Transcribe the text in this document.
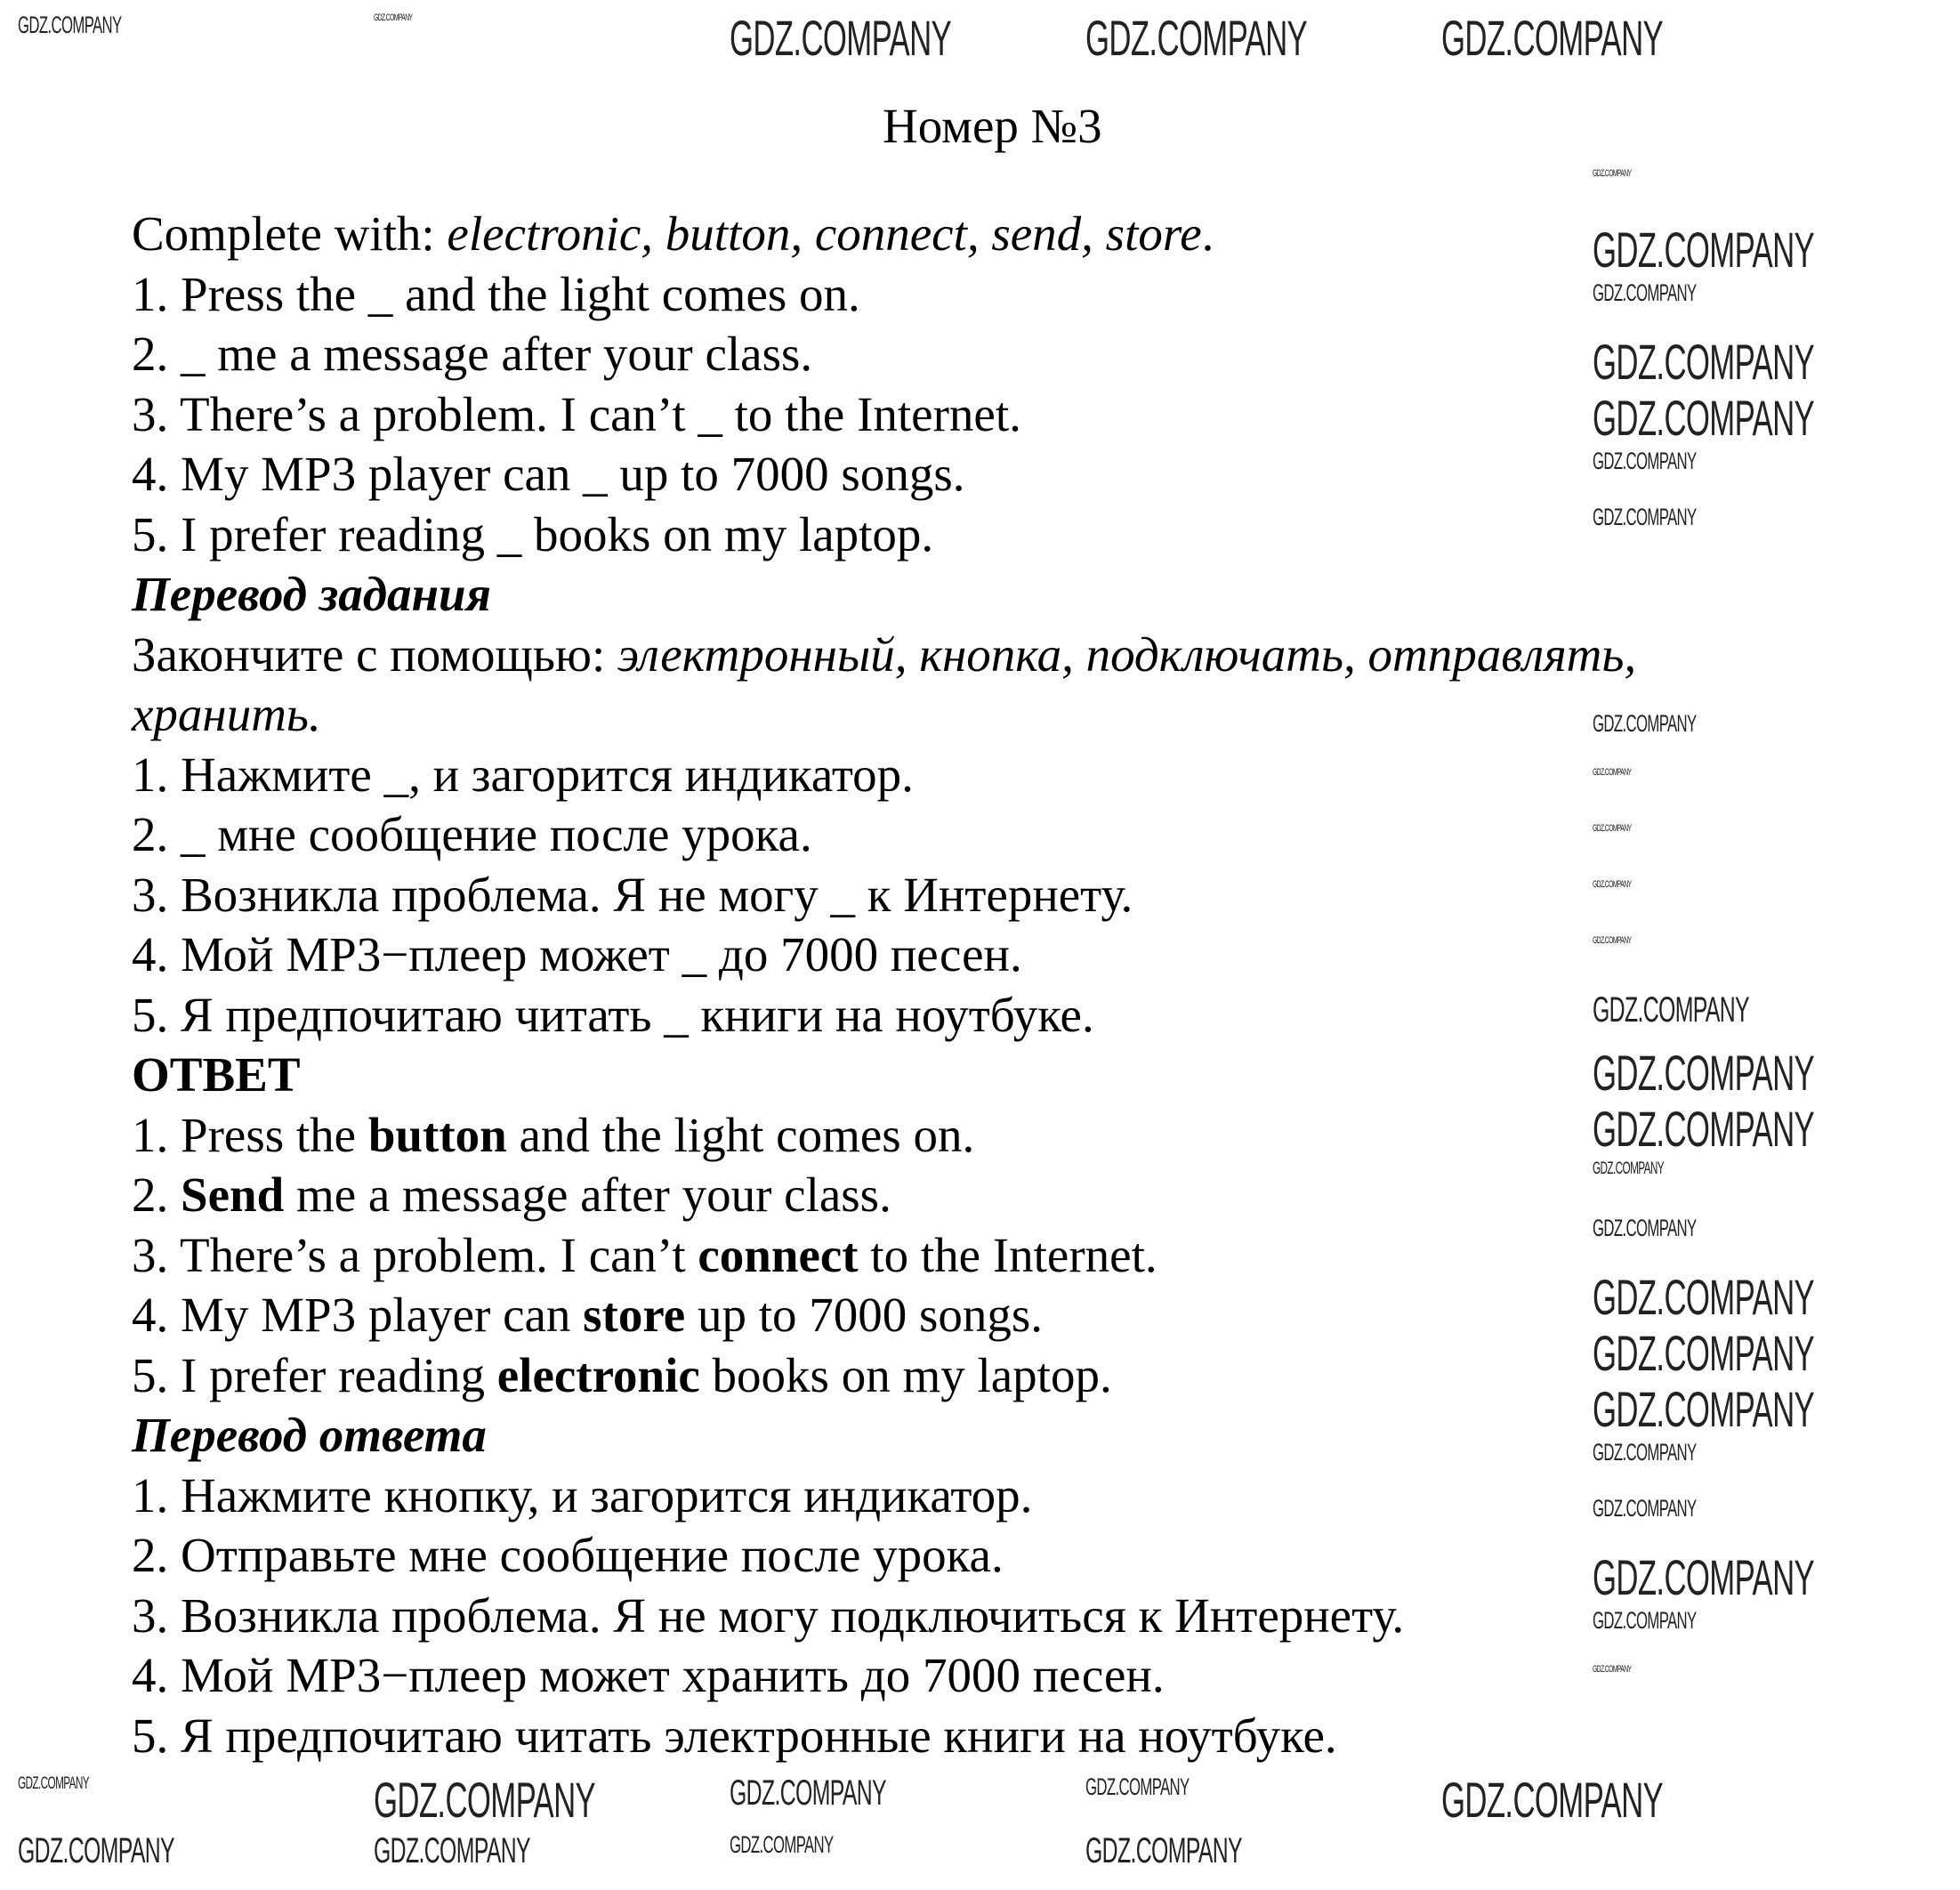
Номер №3
Complete with: electronic, button, connect, send, store.
1. Press the _ and the light comes on.
2. _ me a message after your class.
3. There’s a problem. I can’t _ to the Internet.
4. My MP3 player can _ up to 7000 songs.
5. I prefer reading _ books on my laptop.
Перевод задания
Закончите с помощью: электронный, кнопка, подключать, отправлять,
хранить.
1. Нажмите _, и загорится индикатор.
2. _ мне сообщение после урока.
3. Возникла проблема. Я не могу _ к Интернету.
4. Мой MP3−плеер может _ до 7000 песен.
5. Я предпочитаю читать _ книги на ноутбуке.
ОТВЕТ
1. Press the button and the light comes on.
2. Send me a message after your class.
3. There’s a problem. I can’t connect to the Internet.
4. My MP3 player can store up to 7000 songs.
5. I prefer reading electronic books on my laptop.
Перевод ответа
1. Нажмите кнопку, и загорится индикатор.
2. Отправьте мне сообщение после урока.
3. Возникла проблема. Я не могу подключиться к Интернету.
4. Мой MP3−плеер может хранить до 7000 песен.
5. Я предпочитаю читать электронные книги на ноутбуке.
GDZ.COMPANY	GDZ.COMPANY	GDZ.COMPANY	GDZ.COMPANY	GDZ.COMPANY
GDZ.COMPANY
GDZ.COMPANY
GDZ.COMPANY
GDZ.COMPANY
GDZ.COMPANY
GDZ.COMPANY
GDZ.COMPANY
GDZ.COMPANY
GDZ.COMPANY
GDZ.COMPANY
GDZ.COMPANY
GDZ.COMPANY
GDZ.COMPANY
GDZ.COMPANY
GDZ.COMPANY
GDZ.COMPANY
GDZ.COMPANY
GDZ.COMPANY
GDZ.COMPANY
GDZ.COMPANY
GDZ.COMPANY
GDZ.COMPANY
GDZ.COMPANY
GDZ.COMPANY
GDZ.COMPANY
GDZ.COMPANY	GDZ.COMPANY	GDZ.COMPANY	GDZ.COMPANY	GDZ.COMPANY
GDZ.COMPANY	GDZ.COMPANY	GDZ.COMPANY	GDZ.COMPANY
